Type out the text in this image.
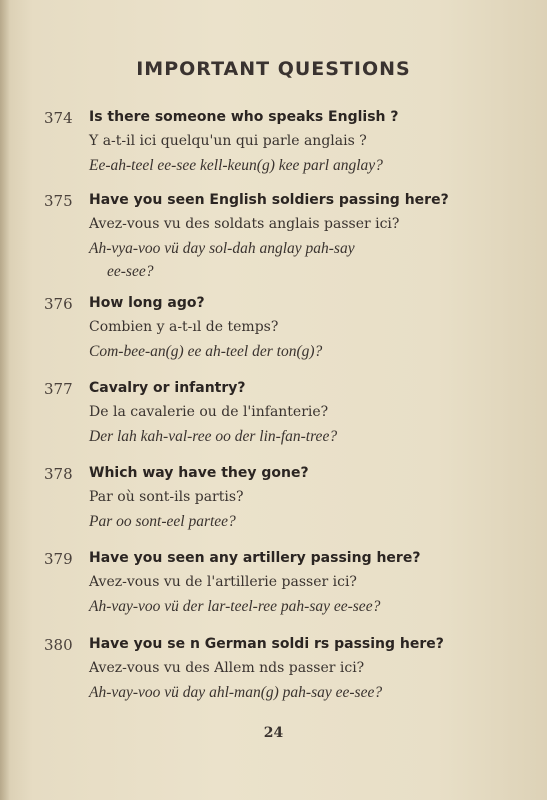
IMPORTANT QUESTIONS
374 Is there someone who speaks English ?
Y a-t-il ici quelqu'un qui parle anglais ?
Ee-ah-teel ee-see kell-keun(g) kee parl anglay?
375 Have you seen English soldiers passing here?
Avez-vous vu des soldats anglais passer ici?
Ah-vya-voo vü day sol-dah anglay pah-say
ee-see?
376 How long ago?
Combien y a-t-ıl de temps?
Com-bee-an(g) ee ah-teel der ton(g)?
377 Cavalry or infantry?
De la cavalerie ou de l'infanterie?
Der lah kah-val-ree oo der lin-fan-tree?
378 Which way have they gone?
Par où sont-ils partis?
Par oo sont-eel partee?
379 Have you seen any artillery passing here?
Avez-vous vu de l'artillerie passer ici?
Ah-vay-voo vü der lar-teel-ree pah-say ee-see?
380 Have you se n German soldi rs passing here?
Avez-vous vu des Allem nds passer ici?
Ah-vay-voo vü day ahl-man(g) pah-say ee-see?
24
